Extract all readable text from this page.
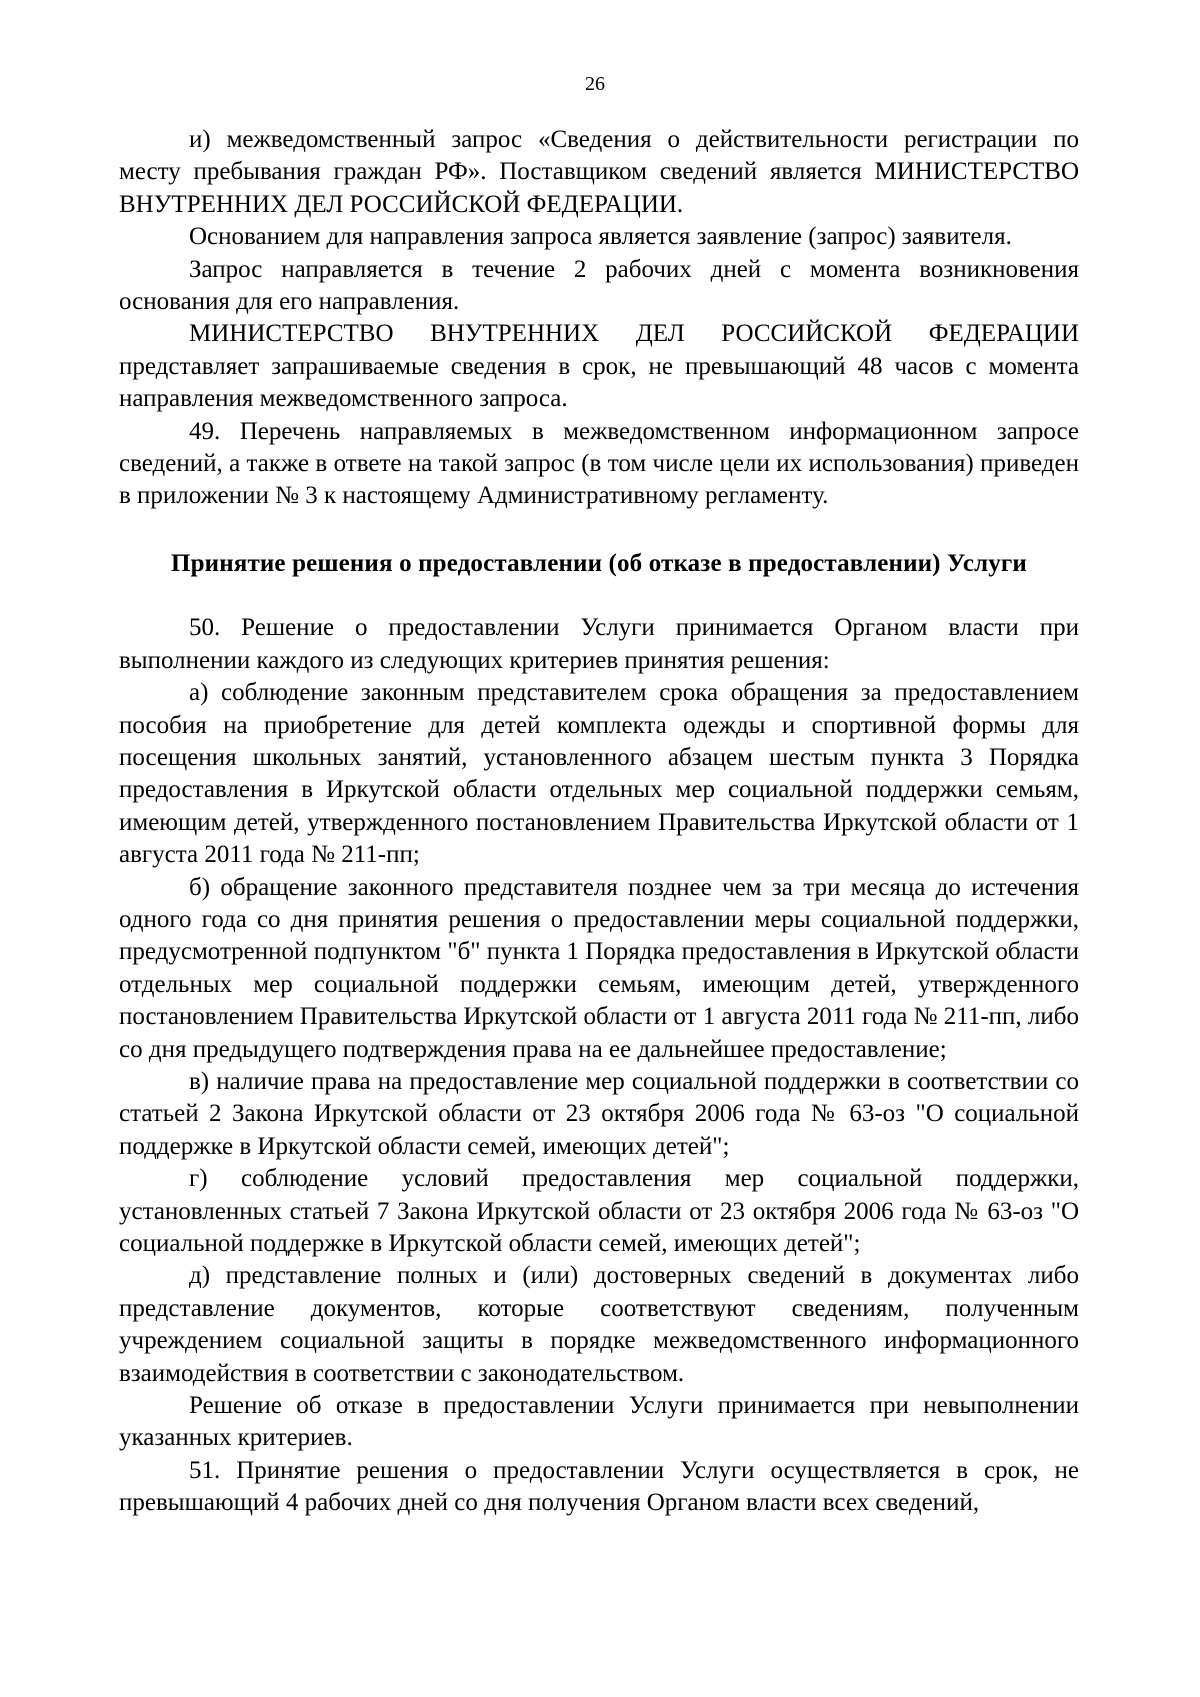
26

и) межведомственный запрос «Сведения о действительности регистрации по месту пребывания граждан РФ». Поставщиком сведений является МИНИСТЕРСТВО ВНУТРЕННИХ ДЕЛ РОССИЙСКОЙ ФЕДЕРАЦИИ.

Основанием для направления запроса является заявление (запрос) заявителя.

Запрос направляется в течение 2 рабочих дней с момента возникновения основания для его направления.

МИНИСТЕРСТВО ВНУТРЕННИХ ДЕЛ РОССИЙСКОЙ ФЕДЕРАЦИИ представляет запрашиваемые сведения в срок, не превышающий 48 часов с момента направления межведомственного запроса.

49. Перечень направляемых в межведомственном информационном запросе сведений, а также в ответе на такой запрос (в том числе цели их использования) приведен в приложении № 3 к настоящему Административному регламенту.

Принятие решения о предоставлении (об отказе в предоставлении) Услуги

50. Решение о предоставлении Услуги принимается Органом власти при выполнении каждого из следующих критериев принятия решения:

а) соблюдение законным представителем срока обращения за предоставлением пособия на приобретение для детей комплекта одежды и спортивной формы для посещения школьных занятий, установленного абзацем шестым пункта 3 Порядка предоставления в Иркутской области отдельных мер социальной поддержки семьям, имеющим детей, утвержденного постановлением Правительства Иркутской области от 1 августа 2011 года № 211-пп;

б) обращение законного представителя позднее чем за три месяца до истечения одного года со дня принятия решения о предоставлении меры социальной поддержки, предусмотренной подпунктом "б" пункта 1 Порядка предоставления в Иркутской области отдельных мер социальной поддержки семьям, имеющим детей, утвержденного постановлением Правительства Иркутской области от 1 августа 2011 года № 211-пп, либо со дня предыдущего подтверждения права на ее дальнейшее предоставление;

в) наличие права на предоставление мер социальной поддержки в соответствии со статьей 2 Закона Иркутской области от 23 октября 2006 года № 63-оз "О социальной поддержке в Иркутской области семей, имеющих детей";

г) соблюдение условий предоставления мер социальной поддержки, установленных статьей 7 Закона Иркутской области от 23 октября 2006 года № 63-оз "О социальной поддержке в Иркутской области семей, имеющих детей";

д) представление полных и (или) достоверных сведений в документах либо представление документов, которые соответствуют сведениям, полученным учреждением социальной защиты в порядке межведомственного информационного взаимодействия в соответствии с законодательством.

Решение об отказе в предоставлении Услуги принимается при невыполнении указанных критериев.

51. Принятие решения о предоставлении Услуги осуществляется в срок, не превышающий 4 рабочих дней со дня получения Органом власти всех сведений,
